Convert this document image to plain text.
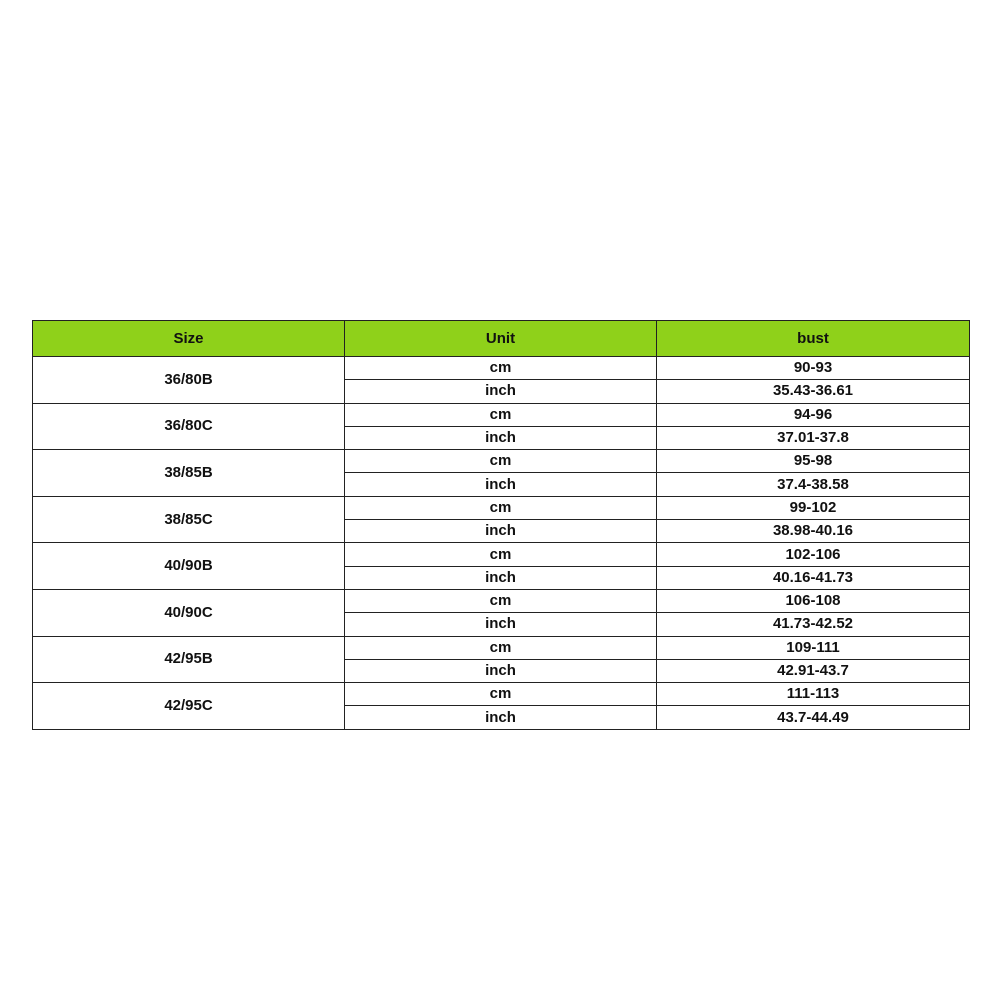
Size	Unit	bust
36/80B	cm	90-93
	inch	35.43-36.61
36/80C	cm	94-96
	inch	37.01-37.8
38/85B	cm	95-98
	inch	37.4-38.58
38/85C	cm	99-102
	inch	38.98-40.16
40/90B	cm	102-106
	inch	40.16-41.73
40/90C	cm	106-108
	inch	41.73-42.52
42/95B	cm	109-111
	inch	42.91-43.7
42/95C	cm	111-113
	inch	43.7-44.49
